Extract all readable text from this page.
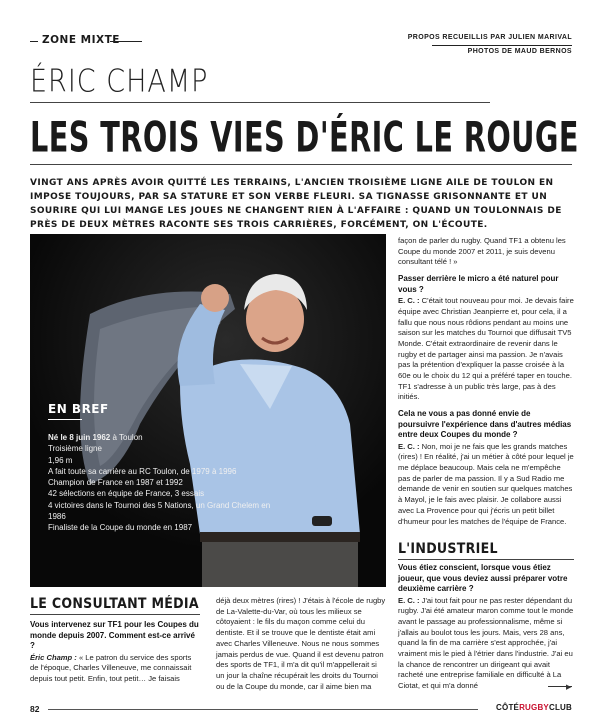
ZONE MIXTE	PROPOS RECUEILLIS PAR JULIEN MARIVAL
PHOTOS DE MAUD BERNOS
ÉRIC CHAMP
LES TROIS VIES D'ÉRIC LE ROUGE
VINGT ANS APRÈS AVOIR QUITTÉ LES TERRAINS, L'ANCIEN TROISIÈME LIGNE AILE DE TOULON EN IMPOSE TOUJOURS, PAR SA STATURE ET SON VERBE FLEURI. SA TIGNASSE GRISONNANTE ET UN SOURIRE QUI LUI MANGE LES JOUES NE CHANGENT RIEN À L'AFFAIRE : QUAND UN TOULONNAIS DE PRÈS DE DEUX MÈTRES RACONTE SES TROIS CARRIÈRES, FORCÉMENT, ON L'ÉCOUTE.
EN BREF
Né le 8 juin 1962 à Toulon
Troisième ligne
1,96 m
A fait toute sa carrière au RC Toulon, de 1979 à 1996
Champion de France en 1987 et 1992
42 sélections en équipe de France, 3 essais
4 victoires dans le Tournoi des 5 Nations, un Grand Chelem en 1986
Finaliste de la Coupe du monde en 1987

façon de parler du rugby. Quand TF1 a obtenu les Coupe du monde 2007 et 2011, je suis devenu consultant télé ! »

Passer derrière le micro a été naturel pour vous ?

E. C. : C'était tout nouveau pour moi. Je devais faire équipe avec Christian Jeanpierre et, pour cela, il a fallu que nous nous rôdions pendant au moins une saison sur les matches du Tournoi que diffusait TV5 Monde. C'était extraordinaire de revenir dans le rugby et de partager ainsi ma passion. Je n'avais pas la prétention d'expliquer la passe croisée à la 60e ou le choix du 12 qui a préféré taper en touche. TF1 s'adresse à un public très large, pas à des initiés.

Cela ne vous a pas donné envie de poursuivre l'expérience dans d'autres médias entre deux Coupes du monde ?

E. C. : Non, moi je ne fais que les grands matches (rires) ! En réalité, j'ai un métier à côté pour lequel je me déplace beaucoup. Mais cela ne m'empêche pas de parler de ma passion. Il y a Sud Radio me demande de venir en soutien sur quelques matches à Mayol, je le fais avec plaisir. Je collabore aussi avec La Provence pour qui j'écris un petit billet d'humeur pour les matches de l'équipe de France.

L'INDUSTRIEL
Vous étiez conscient, lorsque vous étiez joueur, que vous deviez aussi préparer votre deuxième carrière ?

E. C. : J'ai tout fait pour ne pas rester dépendant du rugby. J'ai été amateur maron comme tout le monde avant le passage au professionnalisme, même si j'allais au boulot tous les jours. Mais, vers 28 ans, quand la fin de ma carrière s'est approchée, j'ai vraiment mis le pied à l'étrier dans l'industrie. J'ai eu la chance de rencontrer un dirigeant qui avait racheté une entreprise familiale en difficulté à La Ciotat, et qui m'a donné

LE CONSULTANT MÉDIA
Vous intervenez sur TF1 pour les Coupes du monde depuis 2007. Comment est-ce arrivé ?

Éric Champ : « Le patron du service des sports de l'époque, Charles Villeneuve, me connaissait depuis tout petit. Enfin, tout petit… Je faisais

déjà deux mètres (rires) ! J'étais à l'école de rugby de La-Valette-du-Var, où tous les milieux se côtoyaient : le fils du maçon comme celui du dentiste. Et il se trouve que le dentiste était ami avec Charles Villeneuve. Nous ne nous sommes jamais perdus de vue. Quand il est devenu patron des sports de TF1, il m'a dit qu'il m'appellerait si un jour la chaîne récupérait les droits du Tournoi ou de la Coupe du monde, car il aime bien ma	▶
82	CÔTÉRUGBYCLUB
